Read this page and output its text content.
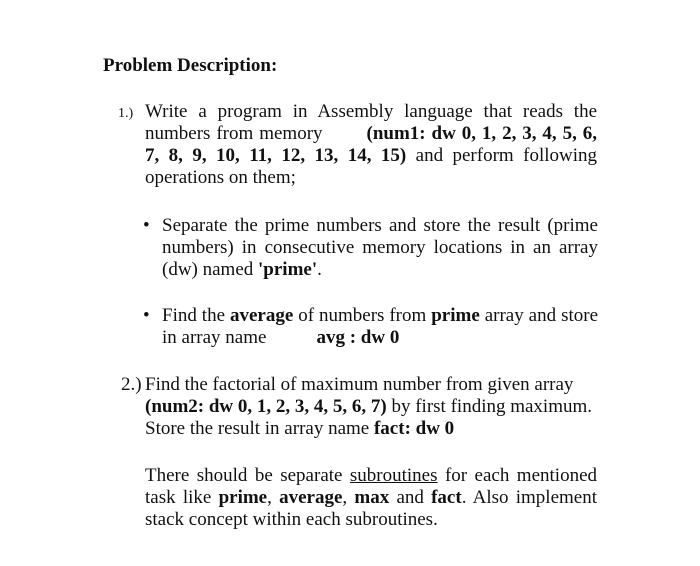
Problem Description:
1.) Write a program in Assembly language that reads the numbers from memory (num1: dw 0, 1, 2, 3, 4, 5, 6, 7, 8, 9, 10, 11, 12, 13, 14, 15) and perform following operations on them;
• Separate the prime numbers and store the result (prime numbers) in consecutive memory locations in an array (dw) named 'prime'.
• Find the average of numbers from prime array and store in array name	avg : dw 0
2.) Find the factorial of maximum number from given array (num2: dw 0, 1, 2, 3, 4, 5, 6, 7) by first finding maximum. Store the result in array name fact: dw 0
There should be separate subroutines for each mentioned task like prime, average, max and fact. Also implement stack concept within each subroutines.
